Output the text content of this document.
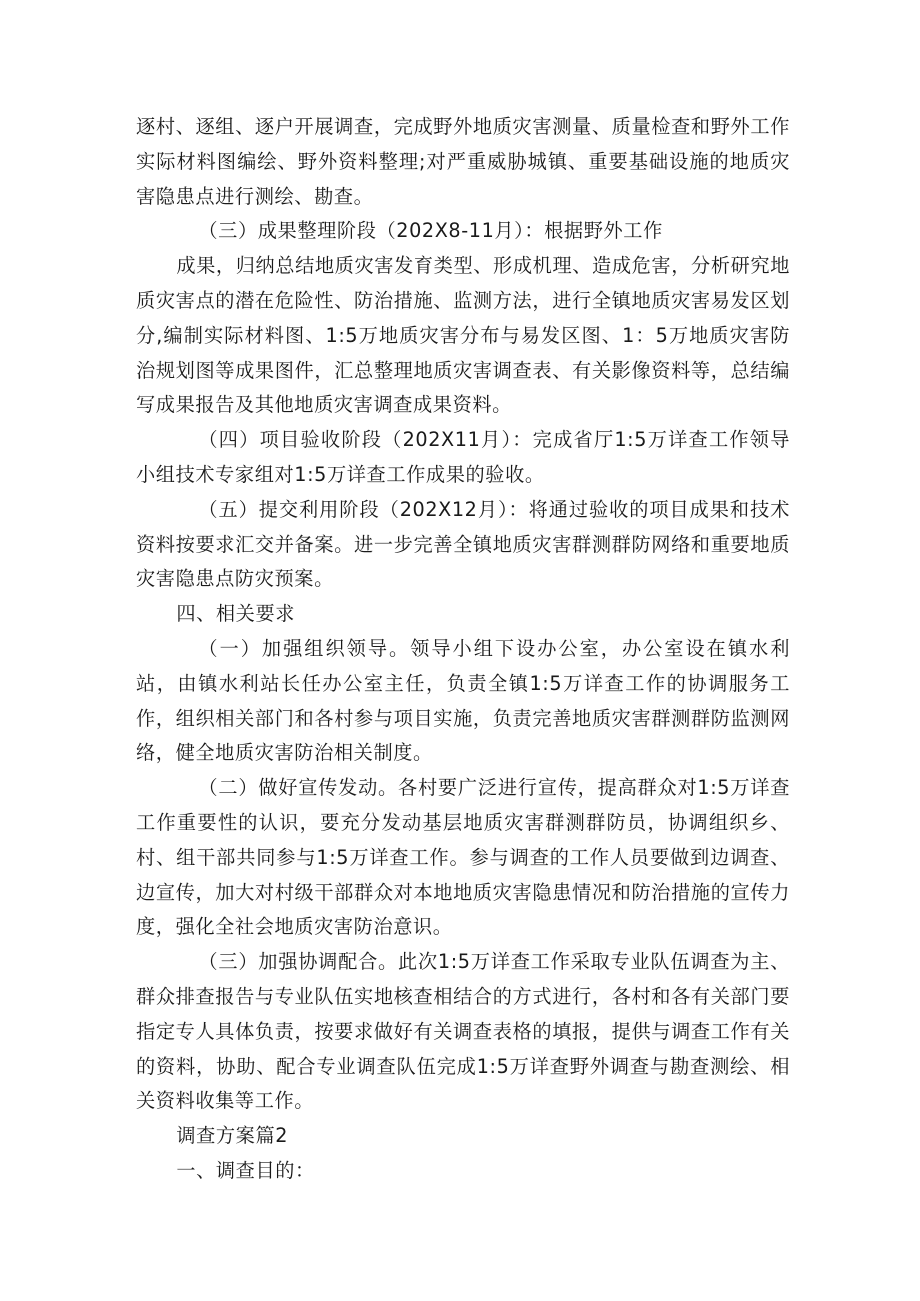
逐村、逐组、逐户开展调查，完成野外地质灾害测量、质量检查和野外工作实际材料图编绘、野外资料整理;对严重威胁城镇、重要基础设施的地质灾害隐患点进行测绘、勘查。

（三）成果整理阶段（202X8-11月）：根据野外工作

成果，归纳总结地质灾害发育类型、形成机理、造成危害，分析研究地质灾害点的潜在危险性、防治措施、监测方法，进行全镇地质灾害易发区划分,编制实际材料图、1:5万地质灾害分布与易发区图、1：5万地质灾害防治规划图等成果图件，汇总整理地质灾害调查表、有关影像资料等，总结编写成果报告及其他地质灾害调查成果资料。

（四）项目验收阶段（202X11月）：完成省厅1:5万详查工作领导小组技术专家组对1:5万详查工作成果的验收。

（五）提交利用阶段（202X12月）：将通过验收的项目成果和技术资料按要求汇交并备案。进一步完善全镇地质灾害群测群防网络和重要地质灾害隐患点防灾预案。

四、相关要求

（一）加强组织领导。领导小组下设办公室，办公室设在镇水利站，由镇水利站长任办公室主任，负责全镇1:5万详查工作的协调服务工作，组织相关部门和各村参与项目实施，负责完善地质灾害群测群防监测网络，健全地质灾害防治相关制度。

（二）做好宣传发动。各村要广泛进行宣传，提高群众对1:5万详查工作重要性的认识，要充分发动基层地质灾害群测群防员，协调组织乡、村、组干部共同参与1:5万详查工作。参与调查的工作人员要做到边调查、边宣传，加大对村级干部群众对本地地质灾害隐患情况和防治措施的宣传力度，强化全社会地质灾害防治意识。

（三）加强协调配合。此次1:5万详查工作采取专业队伍调查为主、群众排查报告与专业队伍实地核查相结合的方式进行，各村和各有关部门要指定专人具体负责，按要求做好有关调查表格的填报，提供与调查工作有关的资料，协助、配合专业调查队伍完成1:5万详查野外调查与勘查测绘、相关资料收集等工作。

调查方案篇2

一、调查目的：
